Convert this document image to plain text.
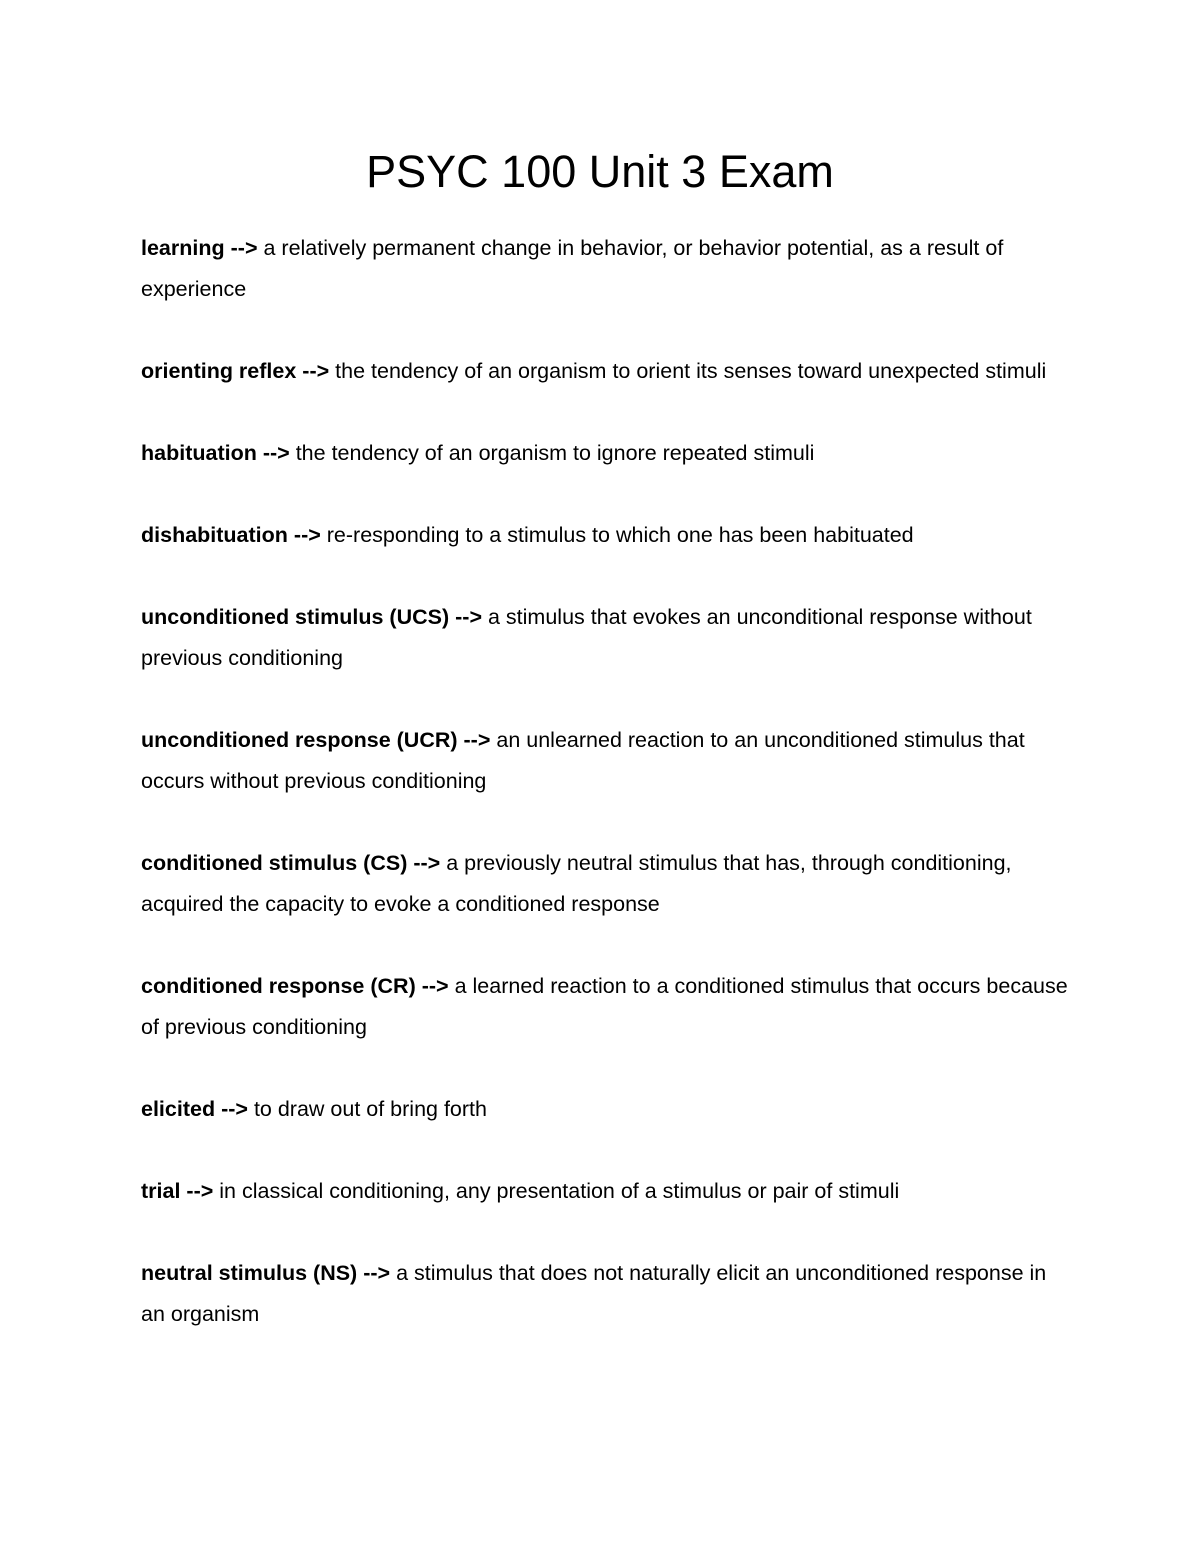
PSYC 100 Unit 3 Exam
learning --> a relatively permanent change in behavior, or behavior potential, as a result of experience
orienting reflex --> the tendency of an organism to orient its senses toward unexpected stimuli
habituation --> the tendency of an organism to ignore repeated stimuli
dishabituation --> re-responding to a stimulus to which one has been habituated
unconditioned stimulus (UCS) --> a stimulus that evokes an unconditional response without previous conditioning
unconditioned response (UCR) --> an unlearned reaction to an unconditioned stimulus that occurs without previous conditioning
conditioned stimulus (CS) --> a previously neutral stimulus that has, through conditioning, acquired the capacity to evoke a conditioned response
conditioned response (CR) --> a learned reaction to a conditioned stimulus that occurs because of previous conditioning
elicited --> to draw out of bring forth
trial --> in classical conditioning, any presentation of a stimulus or pair of stimuli
neutral stimulus (NS) --> a stimulus that does not naturally elicit an unconditioned response in an organism
